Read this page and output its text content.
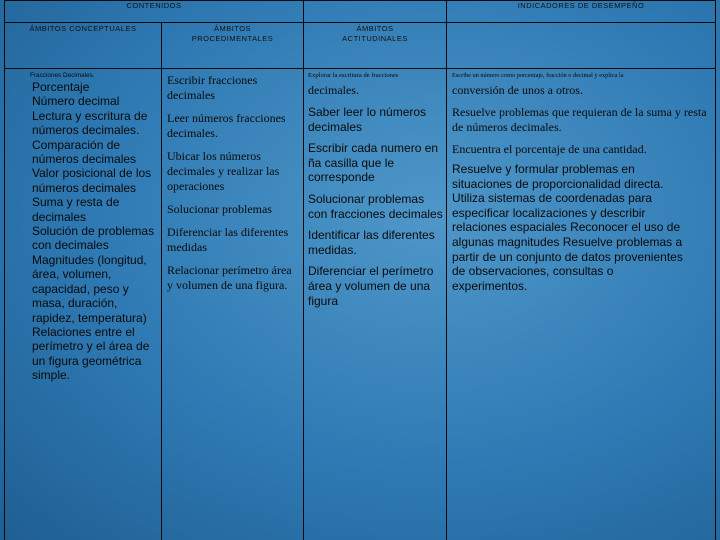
CONTENIDOS	INDICADORES DE DESEMPEÑO
ÁMBITOS CONCEPTUALES	ÁMBITOS
PROCEDIMENTALES
ÁMBITOS
ACTITUDINALES
Fracciones Decimales.
Porcentaje
Número decimal
Lectura y escritura de números decimales.
Comparación de números decimales
Valor posicional de los números decimales
Suma y resta de decimales
Solución de problemas con decimales
Magnitudes (longitud, área, volumen, capacidad, peso y masa, duración, rapidez, temperatura)
Relaciones entre el perímetro y el área de un figura geométrica simple.
Escribir fracciones decimales
Leer números fracciones decimales.
Ubicar los números decimales y realizar las operaciones
Solucionar problemas
Diferenciar las diferentes medidas
Relacionar perímetro área y volumen de una figura.
Explorar la escritura de fracciones
decimales.
Saber leer lo números decimales
Escribir cada numero en ña casilla que le corresponde
Solucionar problemas con fracciones decimales
Identificar las diferentes medidas.
Diferenciar el perímetro área y volumen de una figura
Escribe un número como porcentaje, fracción o decimal y explica la
conversión de unos a otros.
Resuelve problemas que requieran de la suma y resta de números decimales.
Encuentra el porcentaje de una cantidad.
Resuelve y formular problemas en situaciones de proporcionalidad directa. Utiliza sistemas de coordenadas para especificar localizaciones y describir relaciones espaciales Reconocer el uso de algunas magnitudes Resuelve problemas a partir de un conjunto de datos provenientes de observaciones, consultas o experimentos.
